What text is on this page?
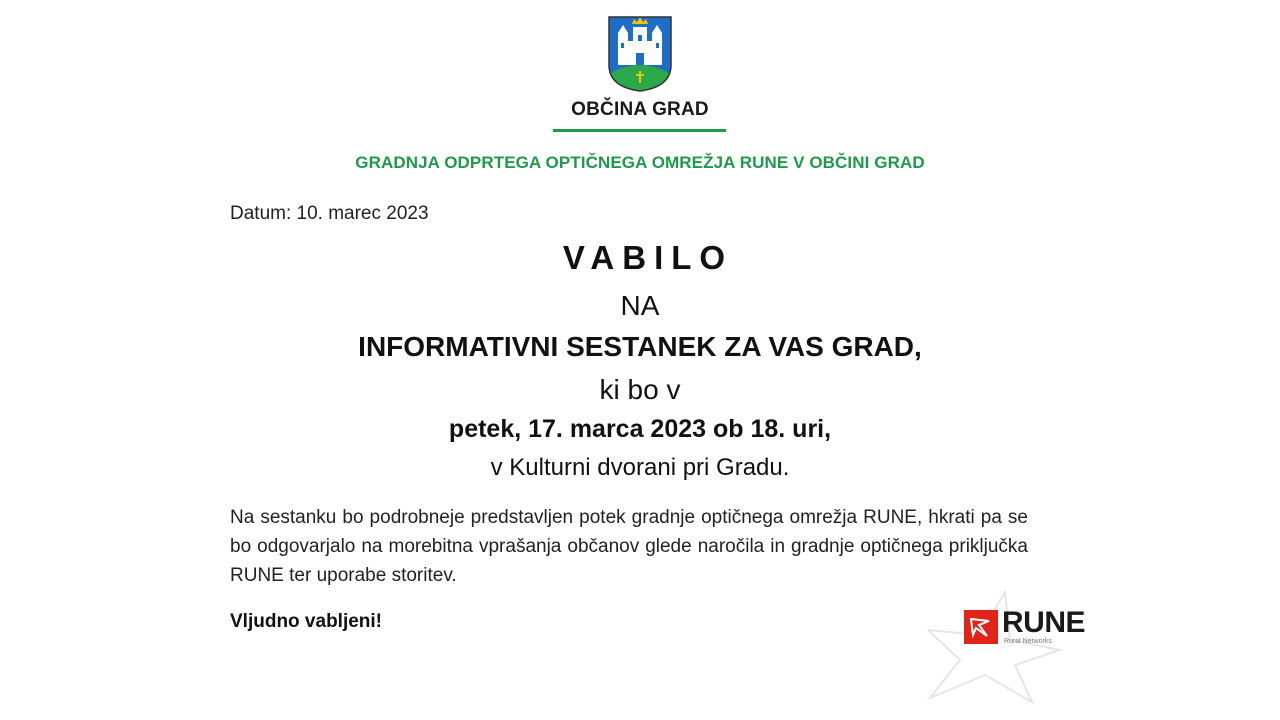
OBČINA GRAD
GRADNJA ODPRTEGA OPTIČNEGA OMREŽJA RUNE V OBČINI GRAD
Datum: 10. marec 2023
VABILO
NA
INFORMATIVNI SESTANEK ZA VAS GRAD,
ki bo v
petek, 17. marca 2023 ob 18. uri,
v Kulturni dvorani pri Gradu.
Na sestanku bo podrobneje predstavljen potek gradnje optičnega omrežja RUNE, hkrati pa se bo odgovarjalo na morebitna vprašanja občanov glede naročila in gradnje optičnega priključka RUNE ter uporabe storitev.
Vljudno vabljeni!	RUNE
Rural Networks
